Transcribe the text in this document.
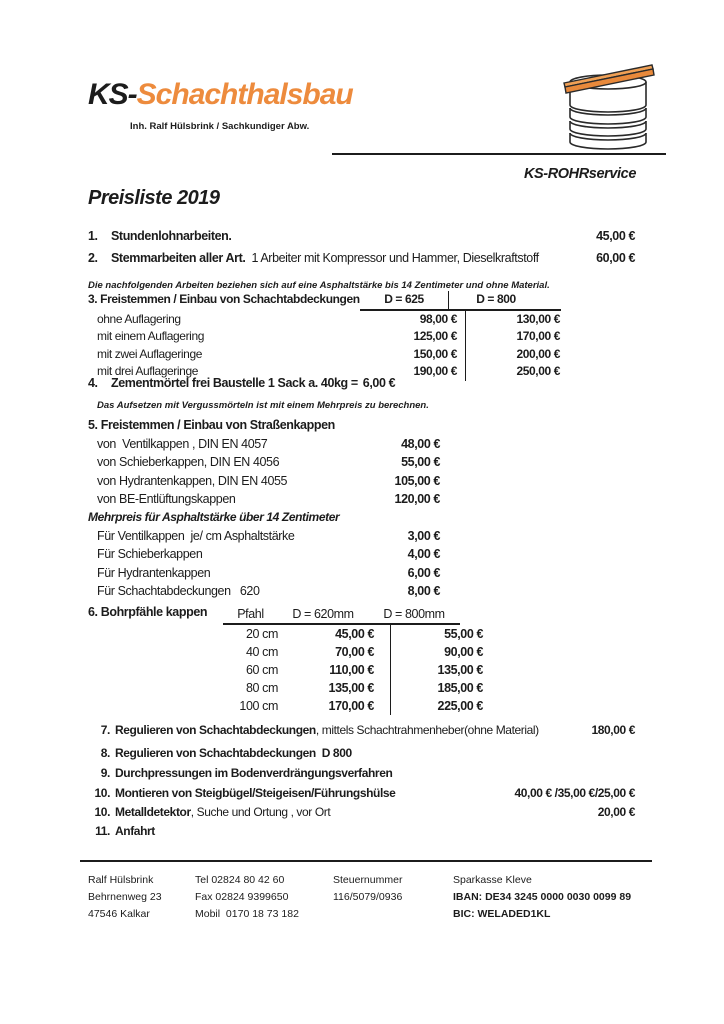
KS-Schachthalsbau
Inh. Ralf Hülsbrink / Sachkundiger Abw.
KS-ROHRservice
Preisliste 2019
1.	Stundenlohnarbeiten.	45,00 €
2.	Stemmarbeiten aller Art. 1 Arbeiter mit Kompressor und Hammer, Dieselkraftstoff	60,00 €
Die nachfolgenden Arbeiten beziehen sich auf eine Asphaltstärke bis 14 Zentimeter und ohne Material.
3. Freistemmen / Einbau von Schachtabdeckungen	D = 625	D = 800
ohne Auflagering	98,00 €	130,00 €
mit einem Auflagering	125,00 €	170,00 €
mit zwei Auflageringe	150,00 €	200,00 €
mit drei Auflageringe	190,00 €	250,00 €
4.	Zementmörtel frei Baustelle 1 Sack a. 40kg = 6,00 €
Das Aufsetzen mit Vergussmörteln ist mit einem Mehrpreis zu berechnen.
5. Freistemmen / Einbau von Straßenkappen
von  Ventilkappen , DIN EN 4057	48,00 €
von Schieberkappen, DIN EN 4056	55,00 €
von Hydrantenkappen, DIN EN 4055	105,00 €
von BE-Entlüftungskappen	120,00 €
Mehrpreis für Asphaltstärke über 14 Zentimeter
Für Ventilkappen  je/ cm Asphaltstärke	3,00 €
Für Schieberkappen	4,00 €
Für Hydrantenkappen	6,00 €
Für Schachtabdeckungen   620	8,00 €
6. Bohrpfähle kappen	Pfahl	D = 620mm	D = 800mm
20 cm	45,00 €	55,00 €
40 cm	70,00 €	90,00 €
60 cm	110,00 €	135,00 €
80 cm	135,00 €	185,00 €
100 cm	170,00 €	225,00 €
7. Regulieren von Schachtabdeckungen , mittels Schachtrahmenheber(ohne Material)	180,00 €
8. Regulieren von Schachtabdeckungen  D 800
9. Durchpressungen im Bodenverdrängungsverfahren
10. Montieren von Steigbügel/Steigeisen/Führungshülse	40,00 € /35,00 €/25,00 €
10. Metalldetektor , Suche und Ortung , vor Ort	20,00 €
11. Anfahrt
Ralf Hülsbrink
Behrnenweg 23
47546 Kalkar
Tel 02824 80 42 60
Fax 02824 9399650
Mobil  0170 18 73 182
Steuernummer
116/5079/0936
Sparkasse Kleve
IBAN: DE34 3245 0000 0030 0099 89
BIC: WELADED1KL
